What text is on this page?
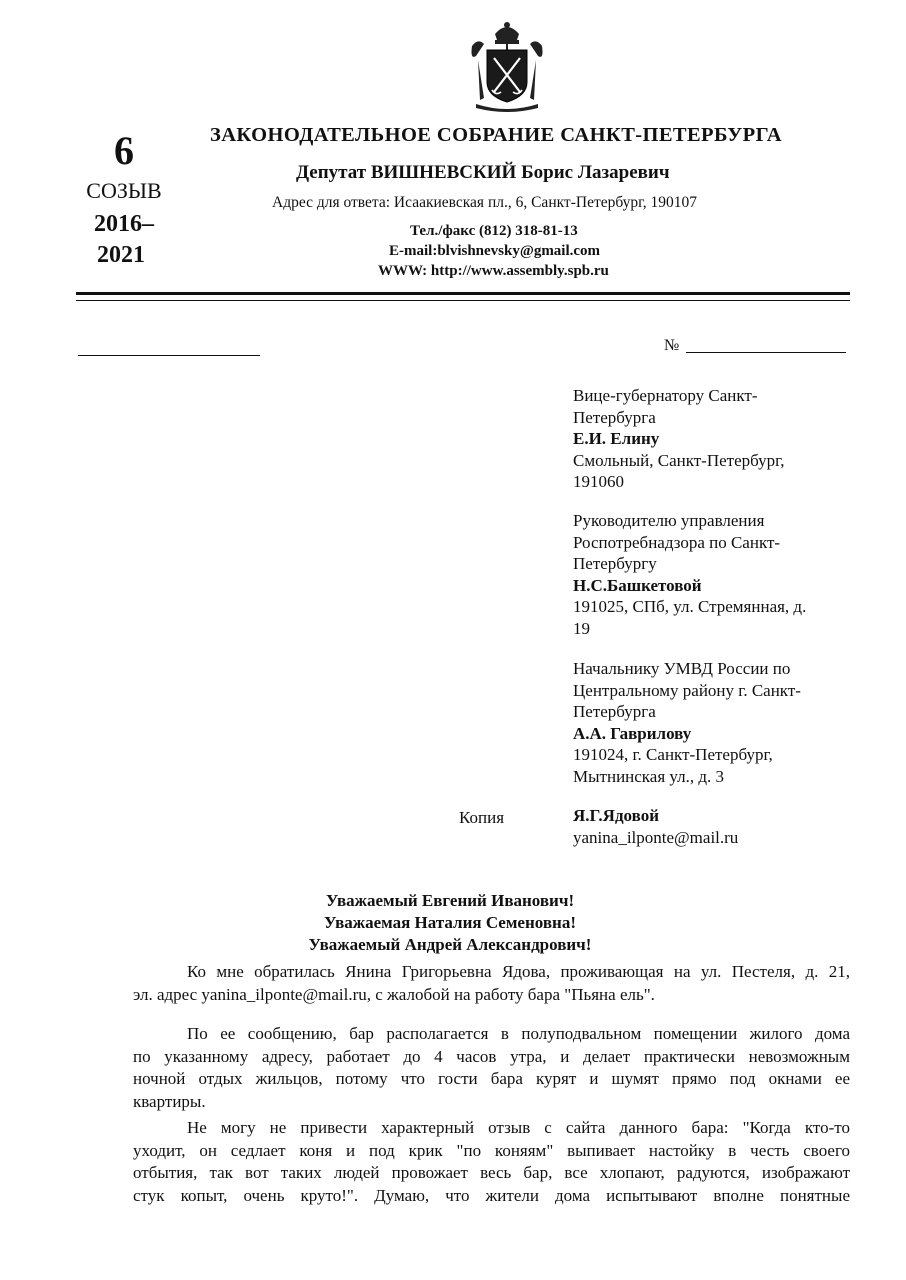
6
СОЗЫВ
2016–
2021
ЗАКОНОДАТЕЛЬНОЕ СОБРАНИЕ САНКТ-ПЕТЕРБУРГА
Депутат ВИШНЕВСКИЙ Борис Лазаревич
Адрес для ответа: Исаакиевская пл., 6, Санкт-Петербург, 190107
Тел./факс (812) 318-81-13
E-mail:blvishnevsky@gmail.com
WWW: http://www.assembly.spb.ru
№
Вице-губернатору Санкт-
Петербурга
Е.И. Елину
Смольный, Санкт-Петербург,
191060
Руководителю управления
Роспотребнадзора по Санкт-
Петербургу
Н.С.Башкетовой
191025, СПб, ул. Стремянная, д.
19
Начальнику УМВД России по
Центральному району г. Санкт-
Петербурга
А.А. Гаврилову
191024, г. Санкт-Петербург,
Мытнинская ул., д. 3
Копия	Я.Г.Ядовой
yanina_ilponte@mail.ru
Уважаемый Евгений Иванович!
Уважаемая Наталия Семеновна!
Уважаемый Андрей Александрович!
Ко мне обратилась Янина Григорьевна Ядова, проживающая на ул. Пестеля, д. 21,
эл. адрес yanina_ilponte@mail.ru, с жалобой на работу бара "Пьяна ель".
По ее сообщению, бар располагается в полуподвальном помещении жилого дома
по указанному адресу, работает до 4 часов утра, и делает практически невозможным
ночной отдых жильцов, потому что гости бара курят и шумят прямо под окнами ее
квартиры.
Не могу не привести характерный отзыв с сайта данного бара: "Когда кто-то
уходит, он седлает коня и под крик "по коняям" выпивает настойку в честь своего
отбытия, так вот таких людей провожает весь бар, все хлопают, радуются, изображают
стук копыт, очень круто!". Думаю, что жители дома испытывают вполне понятные
